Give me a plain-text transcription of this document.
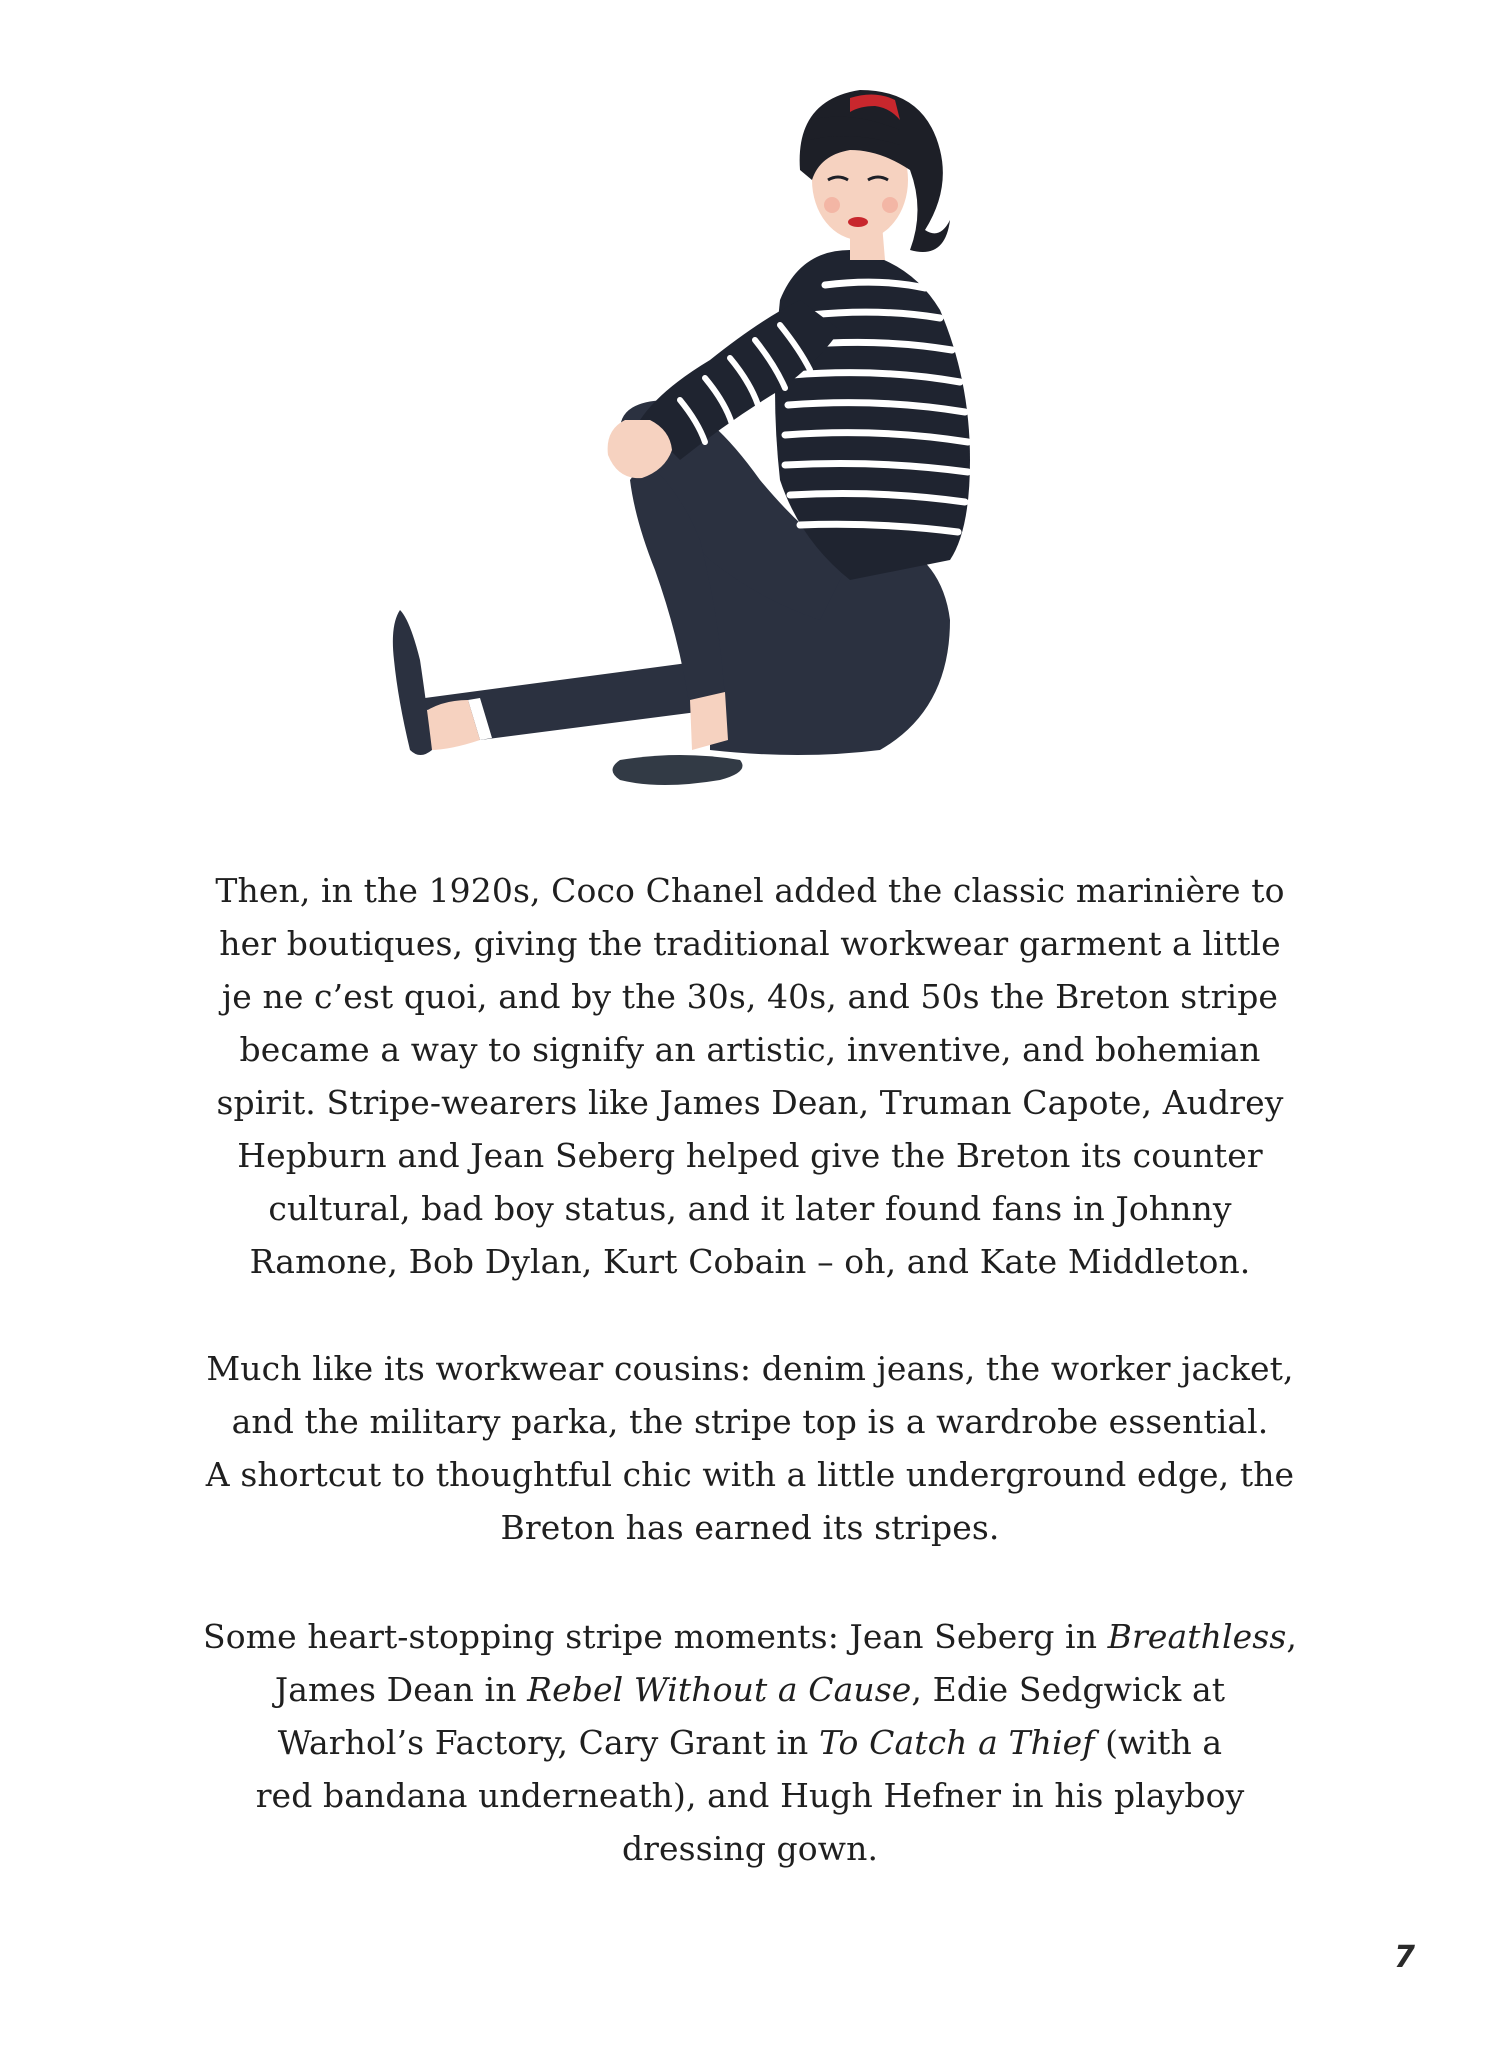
Then, in the 1920s, Coco Chanel added the classic marinière to

her boutiques, giving the traditional workwear garment a little

je ne c’est quoi, and by the 30s, 40s, and 50s the Breton stripe

became a way to signify an artistic, inventive, and bohemian

spirit. Stripe-wearers like James Dean, Truman Capote, Audrey

Hepburn and Jean Seberg helped give the Breton its counter

cultural, bad boy status, and it later found fans in Johnny

Ramone, Bob Dylan, Kurt Cobain – oh, and Kate Middleton.

Much like its workwear cousins: denim jeans, the worker jacket,

and the military parka, the stripe top is a wardrobe essential.

A shortcut to thoughtful chic with a little underground edge, the

Breton has earned its stripes.

Some heart-stopping stripe moments: Jean Seberg in Breathless,

James Dean in Rebel Without a Cause, Edie Sedgwick at

Warhol’s Factory, Cary Grant in To Catch a Thief (with a

red bandana underneath), and Hugh Hefner in his playboy

dressing gown.

7
